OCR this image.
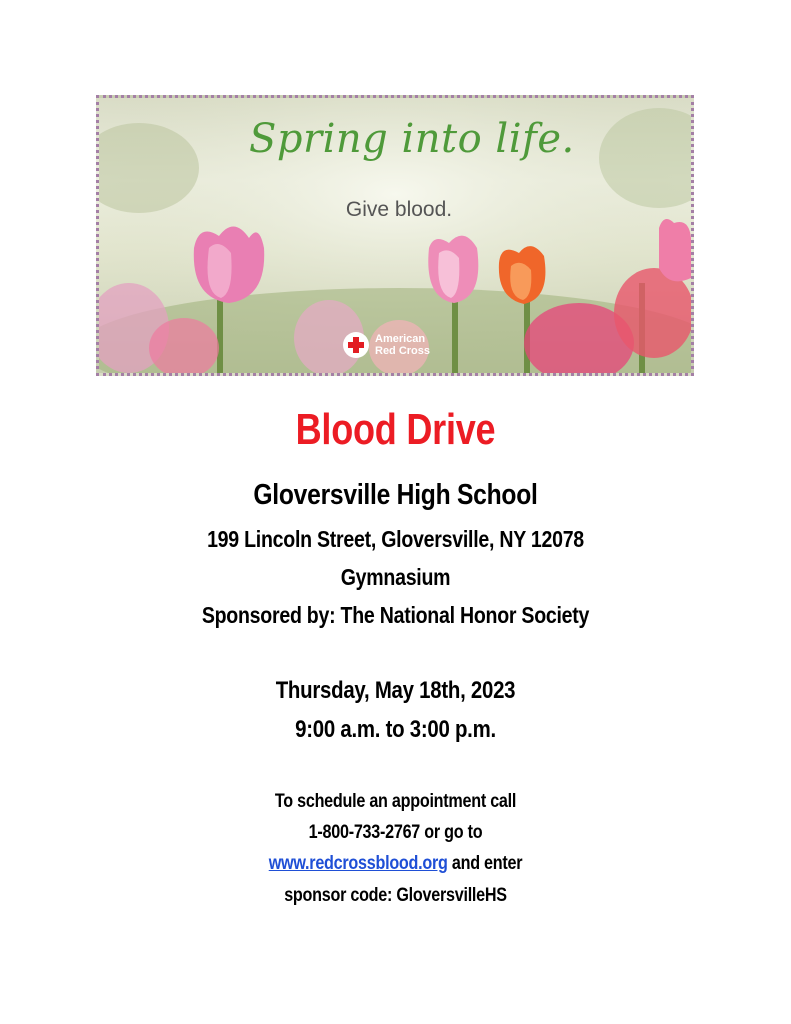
Spring into life.
Give blood.
American
Red Cross
Blood Drive
Gloversville High School
199 Lincoln Street, Gloversville, NY 12078
Gymnasium
Sponsored by: The National Honor Society
Thursday, May 18th, 2023
9:00 a.m. to 3:00 p.m.
To schedule an appointment call
1-800-733-2767 or go to
www.redcrossblood.org and enter
sponsor code: GloversvilleHS
